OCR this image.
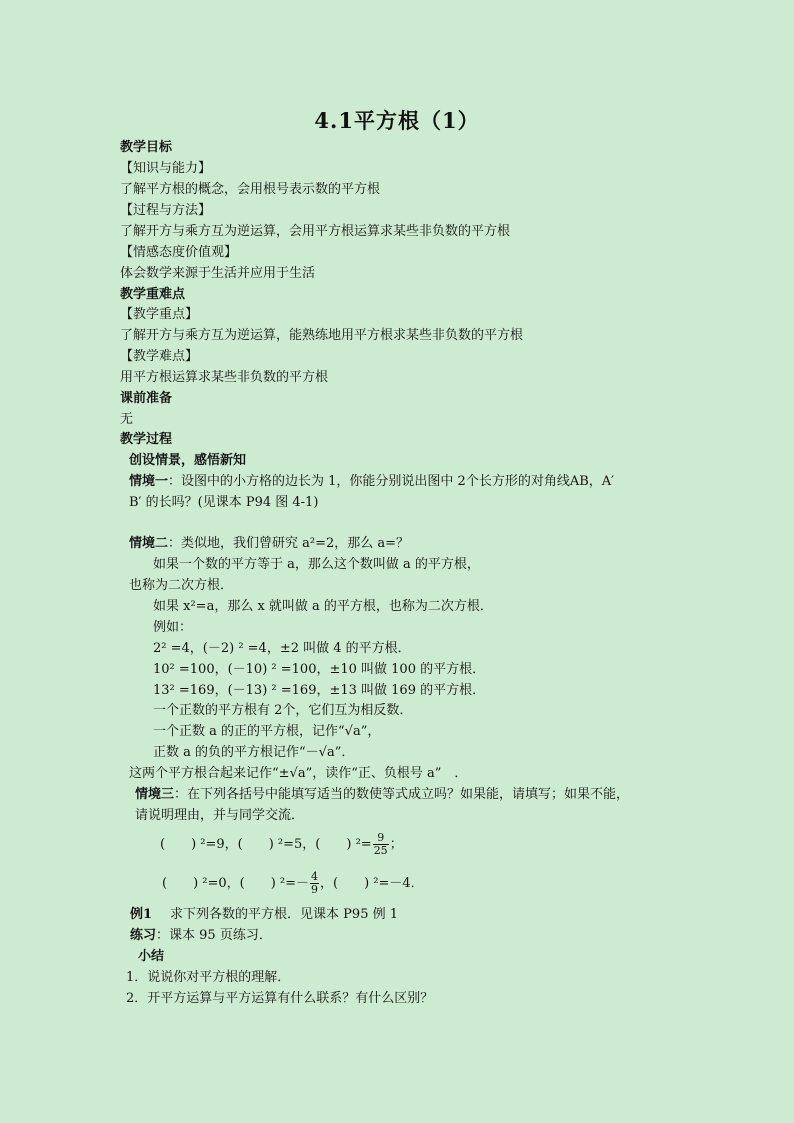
4.1平方根（1）
教学目标
【知识与能力】
了解平方根的概念，会用根号表示数的平方根
【过程与方法】
了解开方与乘方互为逆运算，会用平方根运算求某些非负数的平方根
【情感态度价值观】
体会数学来源于生活并应用于生活
教学重难点
【教学重点】
了解开方与乘方互为逆运算，能熟练地用平方根求某些非负数的平方根
【教学难点】
用平方根运算求某些非负数的平方根
课前准备
无
教学过程
创设情景，感悟新知
情境一：设图中的小方格的边长为 1，你能分别说出图中 2个长方形的对角线AB，A′
B′ 的长吗？(见课本 P94 图 4-1)
情境二：类似地，我们曾研究 a²=2，那么 a=？
如果一个数的平方等于 a，那么这个数叫做 a 的平方根，
也称为二次方根．
如果 x²=a，那么 x 就叫做 a 的平方根，也称为二次方根．
例如：
2² =4，(－2) ² =4，±2 叫做 4 的平方根．
10² =100，(－10) ² =100，±10 叫做 100 的平方根．
13² =169，(－13) ² =169，±13 叫做 169 的平方根．
一个正数的平方根有 2个，它们互为相反数．
一个正数 a 的正的平方根，记作“√a”，
正数 a 的负的平方根记作“－√a”．
这两个平方根合起来记作“±√a”，读作“正、负根号 a”　．
情境三：在下列各括号中能填写适当的数使等式成立吗？如果能，请填写；如果不能，
请说明理由，并与同学交流．
(　　) ²=9，(　　) ²=5，(　　) $^2= \frac{9}{25}$ ；
(　　) ²=0，(　　) $^2=- \frac{4}{9}$ ，(　　) ²=－4．
例1 求下列各数的平方根．见课本 P95 例 1
练习：课本 95 页练习．
小结
1．说说你对平方根的理解．
2．开平方运算与平方运算有什么联系？有什么区别？
